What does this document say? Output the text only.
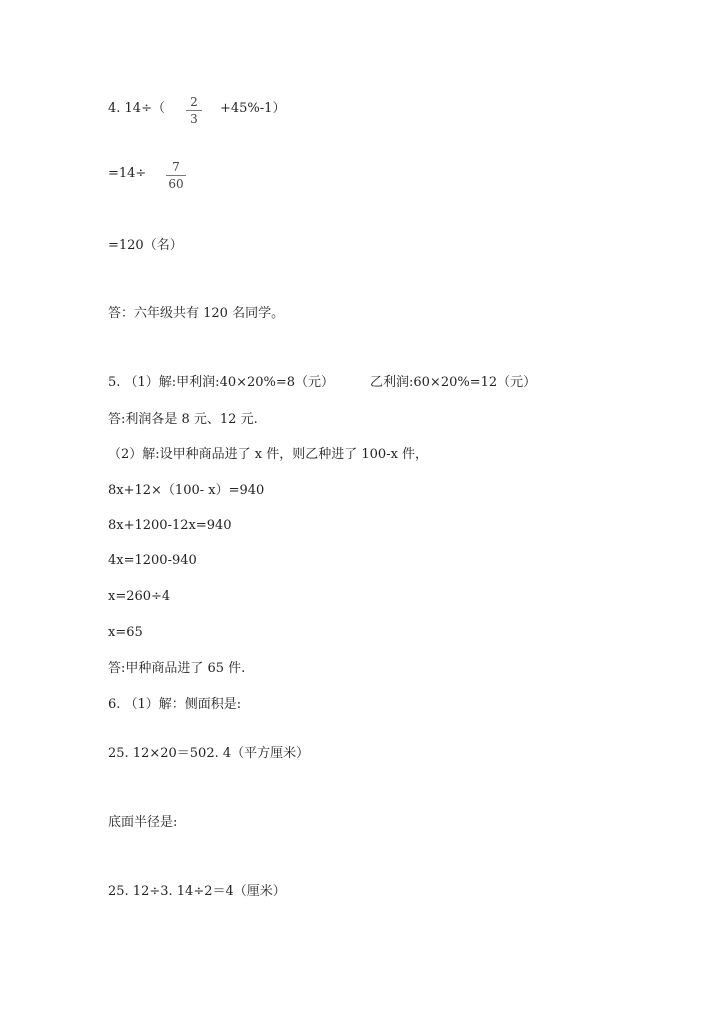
4. 14÷（	2
3
+45%-1）
=14÷	7
60
=120（名）
答：六年级共有 120 名同学。
5. （1）解:甲利润:40×20%=8（元）	乙利润:60×20%=12（元）
答:利润各是 8 元、12 元.
（2）解:设甲种商品进了 x 件，则乙种进了 100-x 件，
8x+12×（100- x）=940
8x+1200-12x=940
4x=1200-940
x=260÷4
x=65
答:甲种商品进了 65 件.
6. （1）解：侧面积是:
25. 12×20＝502. 4（平方厘米）
底面半径是:
25. 12÷3. 14÷2＝4（厘米）
